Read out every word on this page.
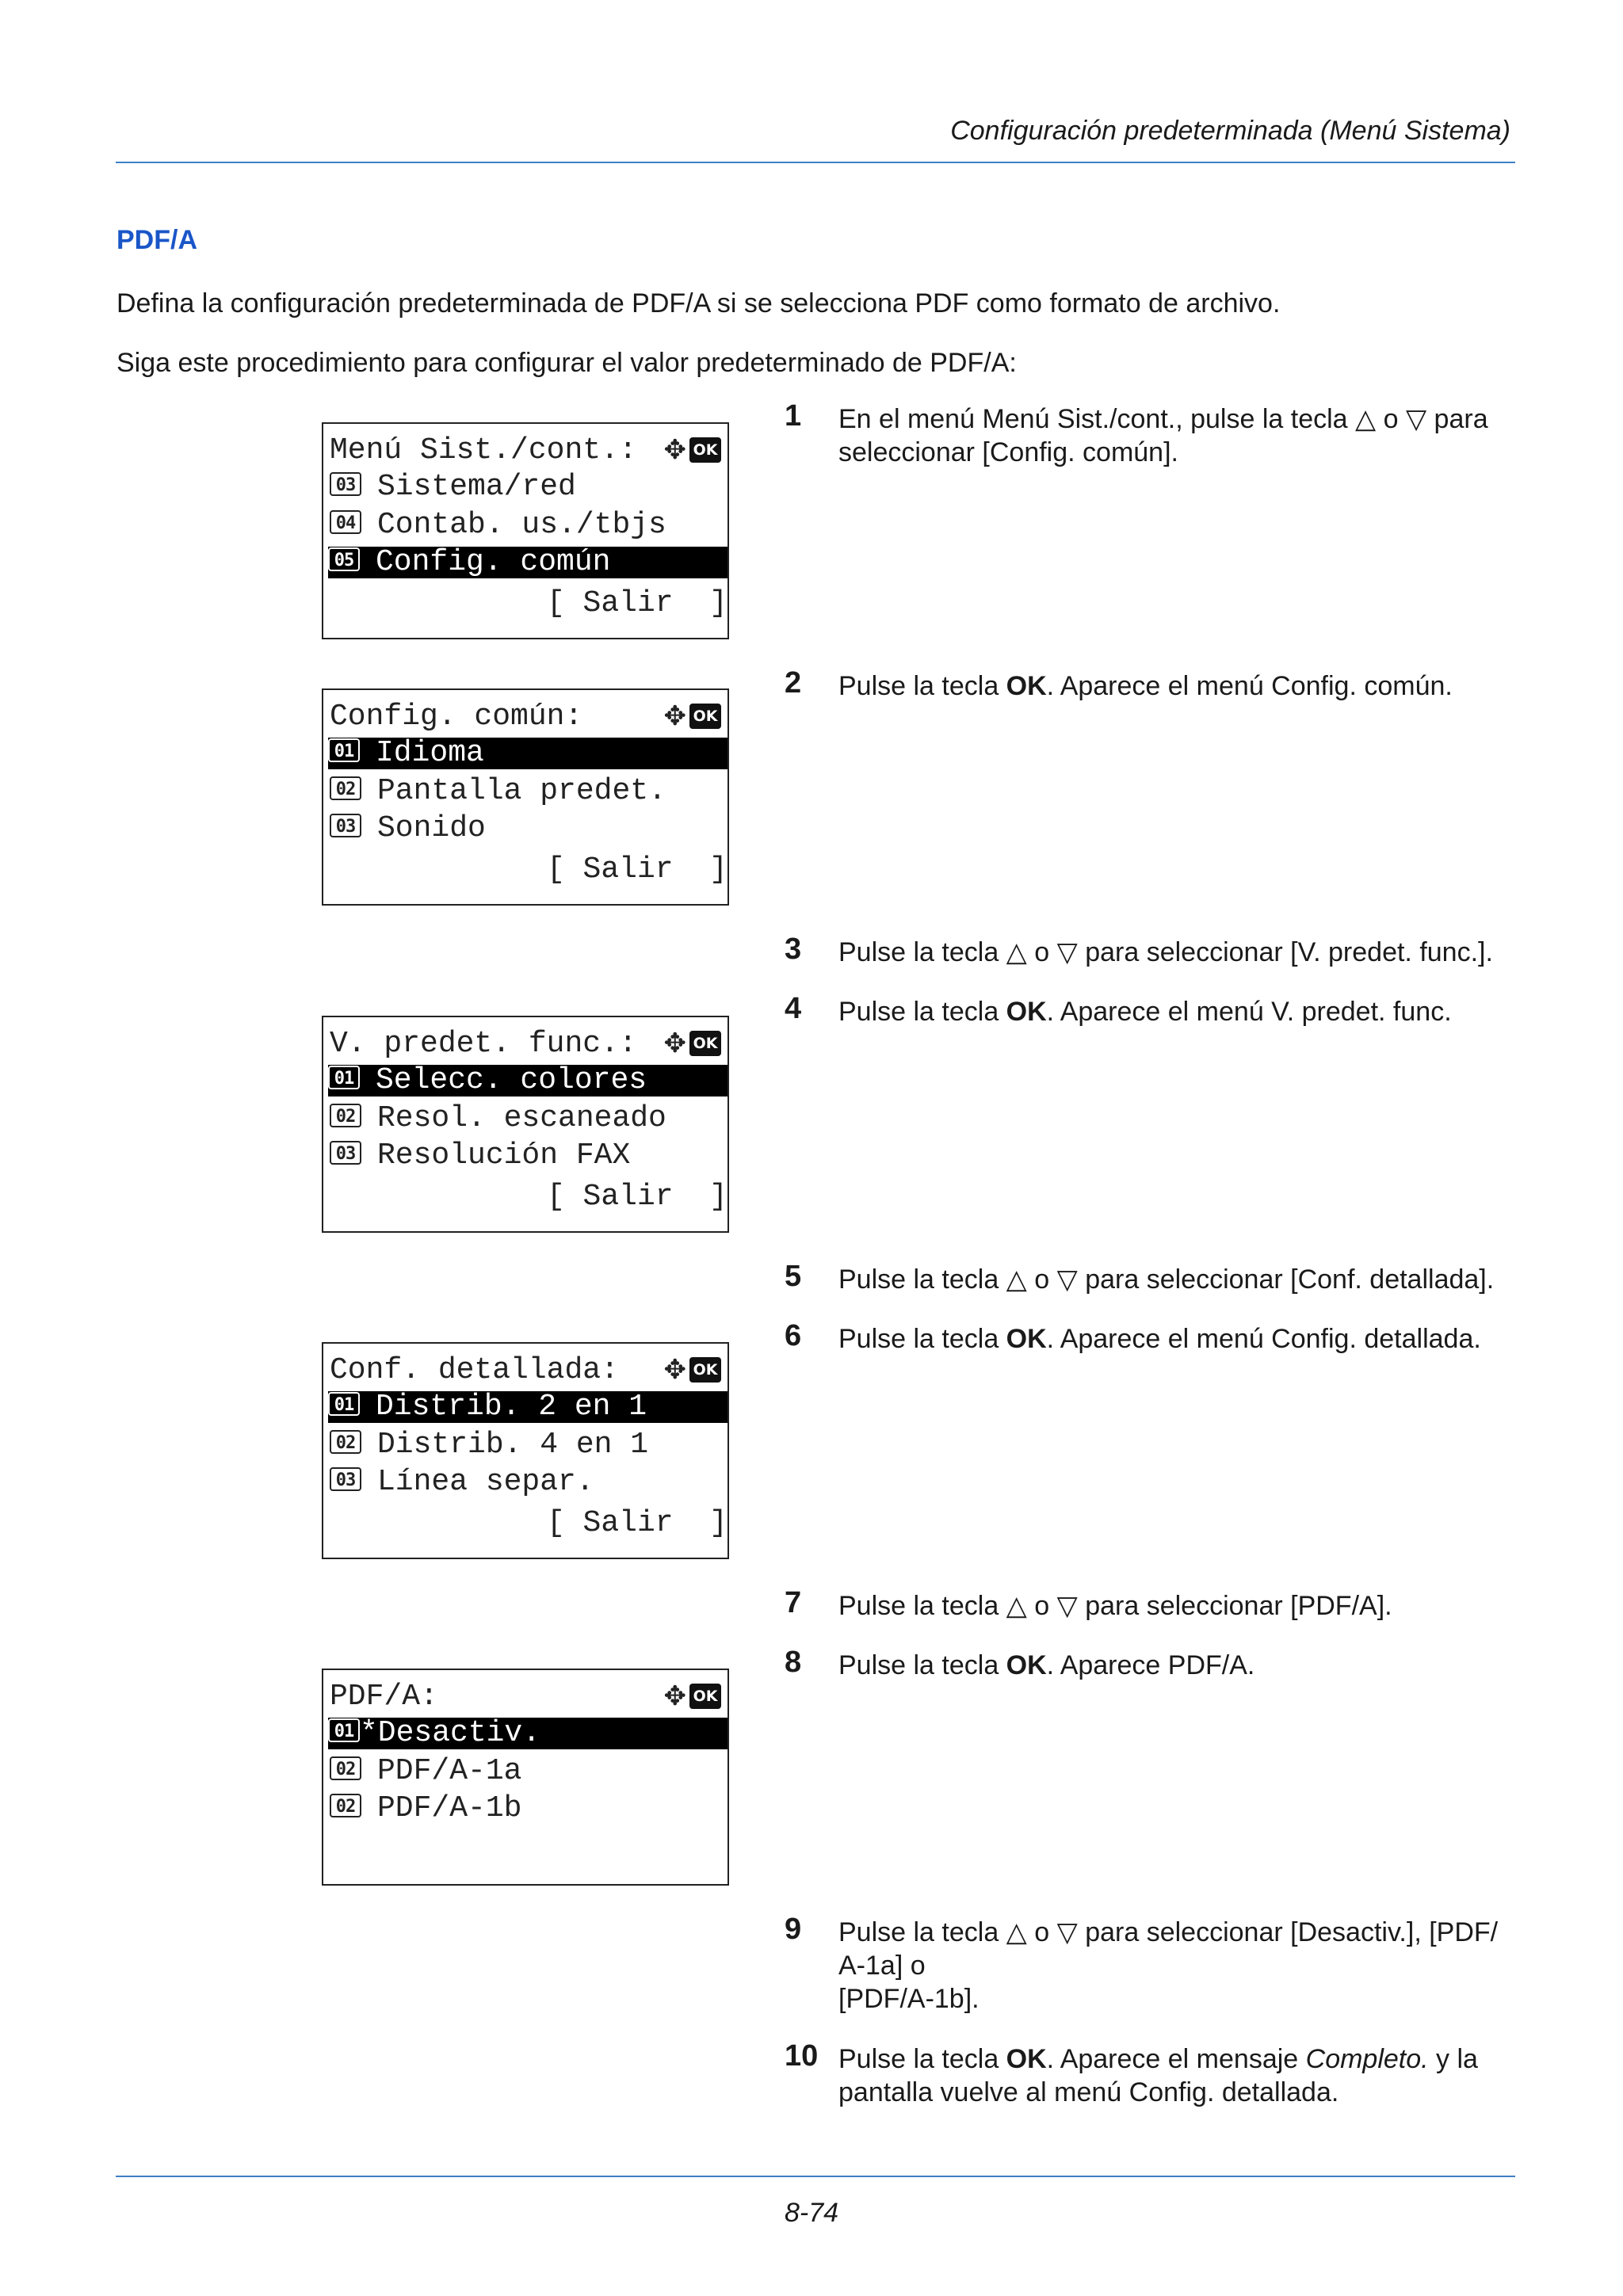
Configuración predeterminada (Menú Sistema)
PDF/A
Defina la configuración predeterminada de PDF/A si se selecciona PDF como formato de archivo.
Siga este procedimiento para configurar el valor predeterminado de PDF/A:
Menú Sist./cont.: ✥ OK
03 Sistema/red
04 Contab. us./tbjs
05 Config. común
[ Salir  ]
Config. común:	✥ OK
01 Idioma
02 Pantalla predet.
03 Sonido
[ Salir  ]
V. predet. func.: ✥ OK
01 Selecc. colores
02 Resol. escaneado
03 Resolución FAX
[ Salir  ]
Conf. detallada:	✥ OK
01 Distrib. 2 en 1
02 Distrib. 4 en 1
03 Línea separ.
[ Salir  ]
PDF/A:	✥ OK
01 *Desactiv.
02 PDF/A-1a
02 PDF/A-1b
1 En el menú Menú Sist./cont., pulse la tecla △ o ▽ para seleccionar [Config. común].
2 Pulse la tecla OK. Aparece el menú Config. común.
3 Pulse la tecla △ o ▽ para seleccionar [V. predet. func.].
4 Pulse la tecla OK. Aparece el menú V. predet. func.
5 Pulse la tecla △ o ▽ para seleccionar [Conf. detallada].
6 Pulse la tecla OK. Aparece el menú Config. detallada.
7 Pulse la tecla △ o ▽ para seleccionar [PDF/A].
8 Pulse la tecla OK. Aparece PDF/A.
9 Pulse la tecla △ o ▽ para seleccionar [Desactiv.], [PDF/
A-1a] o
[PDF/A-1b].
10 Pulse la tecla OK. Aparece el mensaje Completo. y la pantalla vuelve al menú Config. detallada.
8-74
